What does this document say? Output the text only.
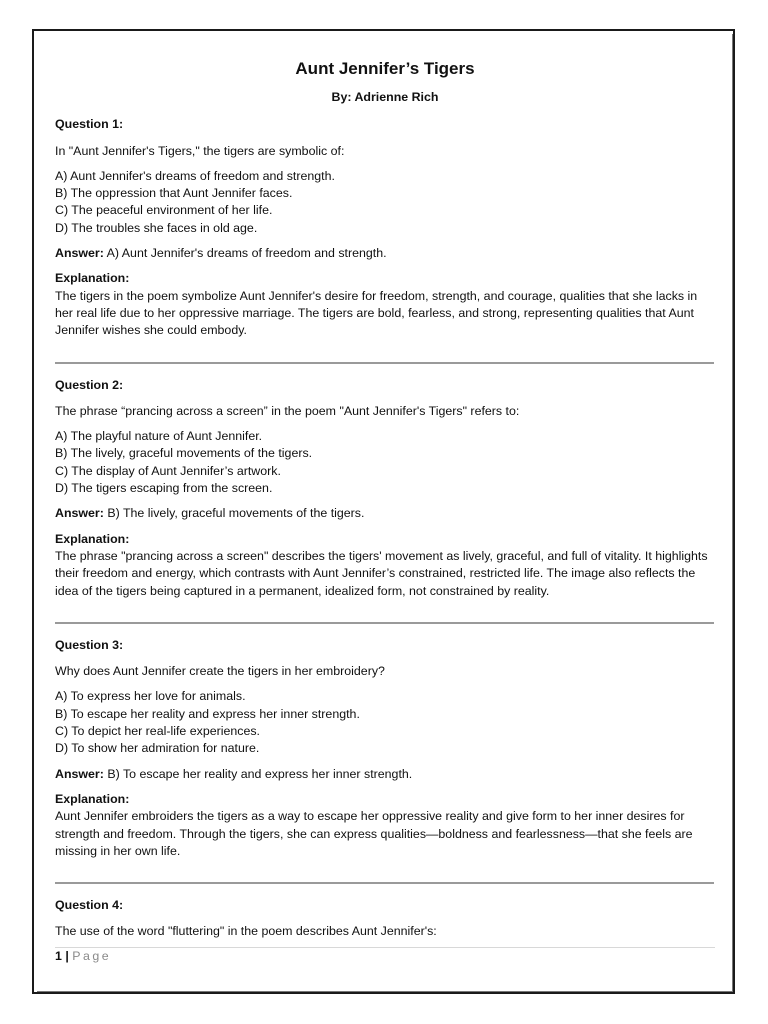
Aunt Jennifer’s Tigers
By: Adrienne Rich
Question 1:
In "Aunt Jennifer's Tigers," the tigers are symbolic of:
A) Aunt Jennifer's dreams of freedom and strength.
B) The oppression that Aunt Jennifer faces.
C) The peaceful environment of her life.
D) The troubles she faces in old age.
Answer: A) Aunt Jennifer's dreams of freedom and strength.
Explanation:
The tigers in the poem symbolize Aunt Jennifer's desire for freedom, strength, and courage, qualities that she lacks in her real life due to her oppressive marriage. The tigers are bold, fearless, and strong, representing qualities that Aunt Jennifer wishes she could embody.
Question 2:
The phrase “prancing across a screen” in the poem "Aunt Jennifer's Tigers" refers to:
A) The playful nature of Aunt Jennifer.
B) The lively, graceful movements of the tigers.
C) The display of Aunt Jennifer’s artwork.
D) The tigers escaping from the screen.
Answer: B) The lively, graceful movements of the tigers.
Explanation:
The phrase "prancing across a screen" describes the tigers' movement as lively, graceful, and full of vitality. It highlights their freedom and energy, which contrasts with Aunt Jennifer’s constrained, restricted life. The image also reflects the idea of the tigers being captured in a permanent, idealized form, not constrained by reality.
Question 3:
Why does Aunt Jennifer create the tigers in her embroidery?
A) To express her love for animals.
B) To escape her reality and express her inner strength.
C) To depict her real-life experiences.
D) To show her admiration for nature.
Answer: B) To escape her reality and express her inner strength.
Explanation:
Aunt Jennifer embroiders the tigers as a way to escape her oppressive reality and give form to her inner desires for strength and freedom. Through the tigers, she can express qualities—boldness and fearlessness—that she feels are missing in her own life.
Question 4:
The use of the word "fluttering" in the poem describes Aunt Jennifer's:
1 | Page
